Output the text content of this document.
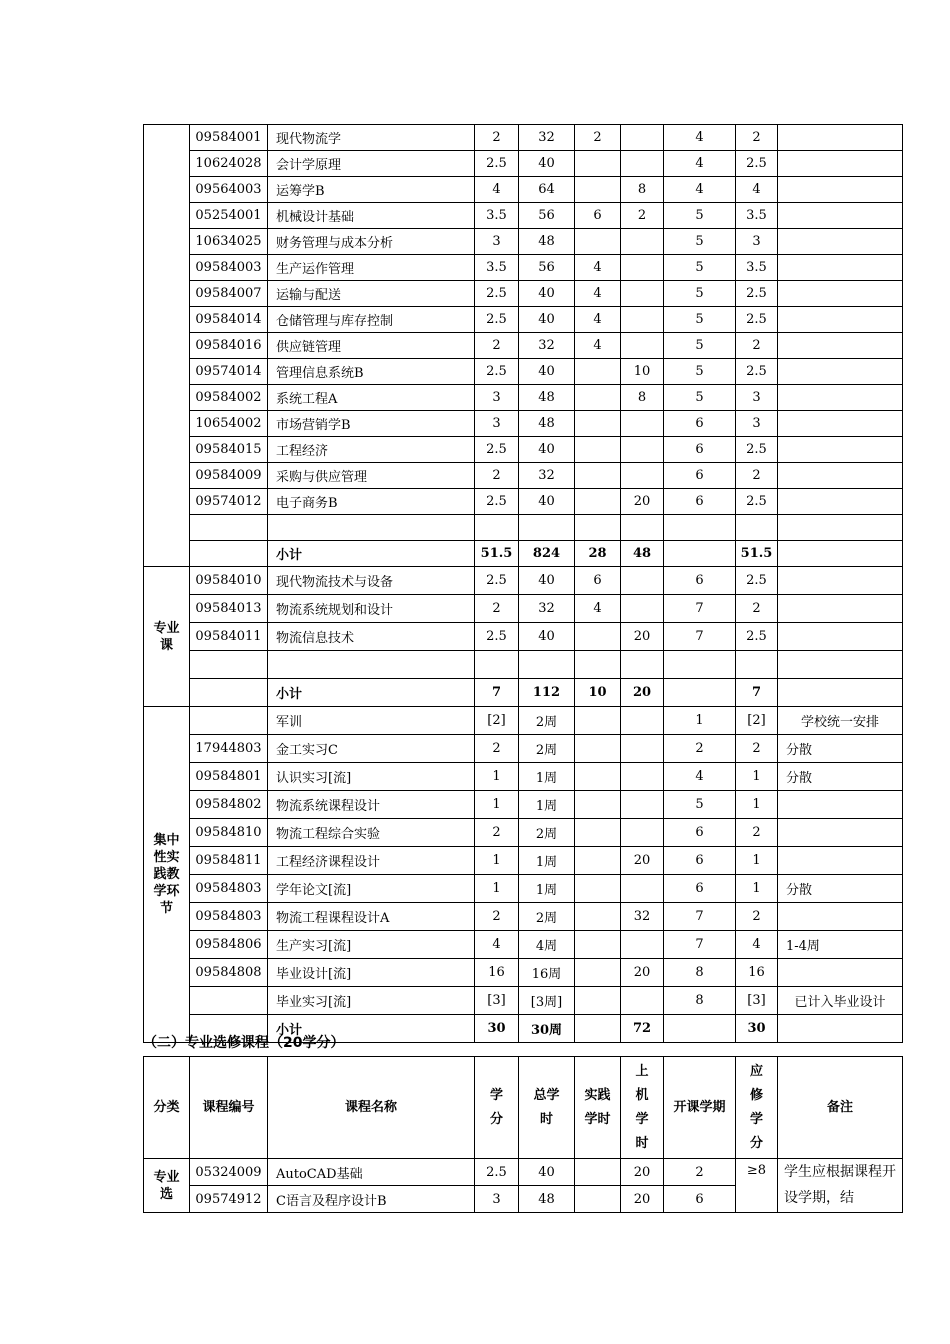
	09584001	现代物流学	2	32	2		4	2	
	10624028	会计学原理	2.5	40			4	2.5	
	09564003	运筹学B	4	64		8	4	4	
	05254001	机械设计基础	3.5	56	6	2	5	3.5	
	10634025	财务管理与成本分析	3	48			5	3	
	09584003	生产运作管理	3.5	56	4		5	3.5	
	09584007	运输与配送	2.5	40	4		5	2.5	
	09584014	仓储管理与库存控制	2.5	40	4		5	2.5	
	09584016	供应链管理	2	32	4		5	2	
	09574014	管理信息系统B	2.5	40		10	5	2.5	
	09584002	系统工程A	3	48		8	5	3	
	10654002	市场营销学B	3	48			6	3	
	09584015	工程经济	2.5	40			6	2.5	
	09584009	采购与供应管理	2	32			6	2	
	09574012	电子商务B	2.5	40		20	6	2.5	

		小计	51.5	824	28	48		51.5	
专业课	09584010	现代物流技术与设备	2.5	40	6		6	2.5	
	09584013	物流系统规划和设计	2	32	4		7	2	
	09584011	物流信息技术	2.5	40		20	7	2.5	

		小计	7	112	10	20		7	
集中性实践教学环节		军训	[2]	2周			1	[2]	学校统一安排
	17944803	金工实习C	2	2周			2	2	分散
	09584801	认识实习[流]	1	1周			4	1	分散
	09584802	物流系统课程设计	1	1周			5	1	
	09584810	物流工程综合实验	2	2周			6	2	
	09584811	工程经济课程设计	1	1周		20	6	1	
	09584803	学年论文[流]	1	1周			6	1	分散
	09584803	物流工程课程设计A	2	2周		32	7	2	
	09584806	生产实习[流]	4	4周			7	4	1-4周
	09584808	毕业设计[流]	16	16周		20	8	16	
		毕业实习[流]	[3]	[3周]			8	[3]	已计入毕业设计
		小计	30	30周		72		30	
（二）专业选修课程（20学分）
分类	课程编号	课程名称	学分	总学时	实践学时	上机学时	开课学期	应修学分	备注
专业选	05324009	AutoCAD基础	2.5	40		20	2	≥8	学生应根据课程开设学期，结
	09574912	C语言及程序设计B	3	48		20	6		
